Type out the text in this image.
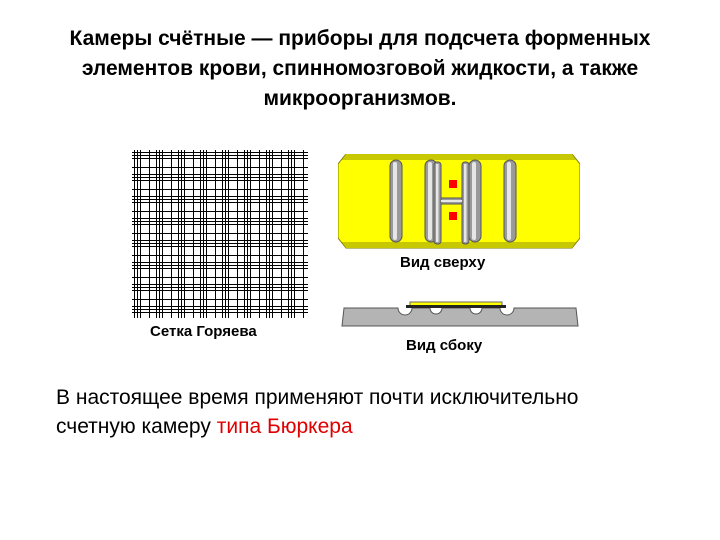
Камеры счётные — приборы для подсчета форменных
элементов крови, спинномозговой жидкости, а также
микроорганизмов.
Сетка Горяева
Вид сверху
Вид сбоку

В настоящее время применяют почти исключительно
счетную камеру типа Бюркера
